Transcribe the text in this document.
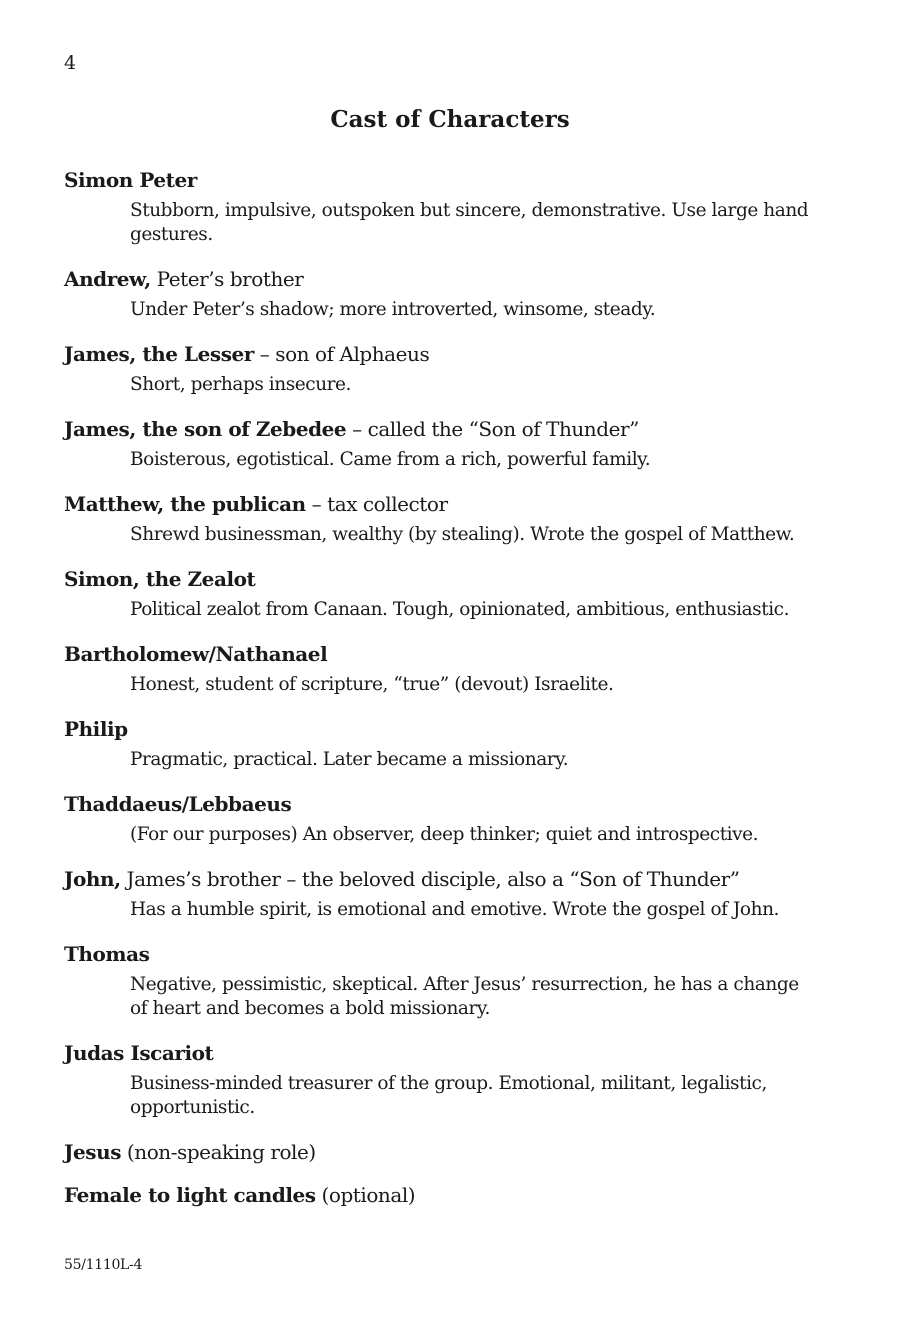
4
Cast of Characters
Simon Peter
Stubborn, impulsive, outspoken but sincere, demonstrative. Use large hand gestures.
Andrew, Peter’s brother
Under Peter’s shadow; more introverted, winsome, steady.
James, the Lesser – son of Alphaeus
Short, perhaps insecure.
James, the son of Zebedee – called the “Son of Thunder”
Boisterous, egotistical. Came from a rich, powerful family.
Matthew, the publican – tax collector
Shrewd businessman, wealthy (by stealing). Wrote the gospel of Matthew.
Simon, the Zealot
Political zealot from Canaan. Tough, opinionated, ambitious, enthusiastic.
Bartholomew/Nathanael
Honest, student of scripture, “true” (devout) Israelite.
Philip
Pragmatic, practical. Later became a missionary.
Thaddaeus/Lebbaeus
(For our purposes) An observer, deep thinker; quiet and introspective.
John, James’s brother – the beloved disciple, also a “Son of Thunder”
Has a humble spirit, is emotional and emotive. Wrote the gospel of John.
Thomas
Negative, pessimistic, skeptical. After Jesus’ resurrection, he has a change of heart and becomes a bold missionary.
Judas Iscariot
Business-minded treasurer of the group. Emotional, militant, legalistic, opportunistic.
Jesus (non-speaking role)
Female to light candles (optional)
55/1110L-4
